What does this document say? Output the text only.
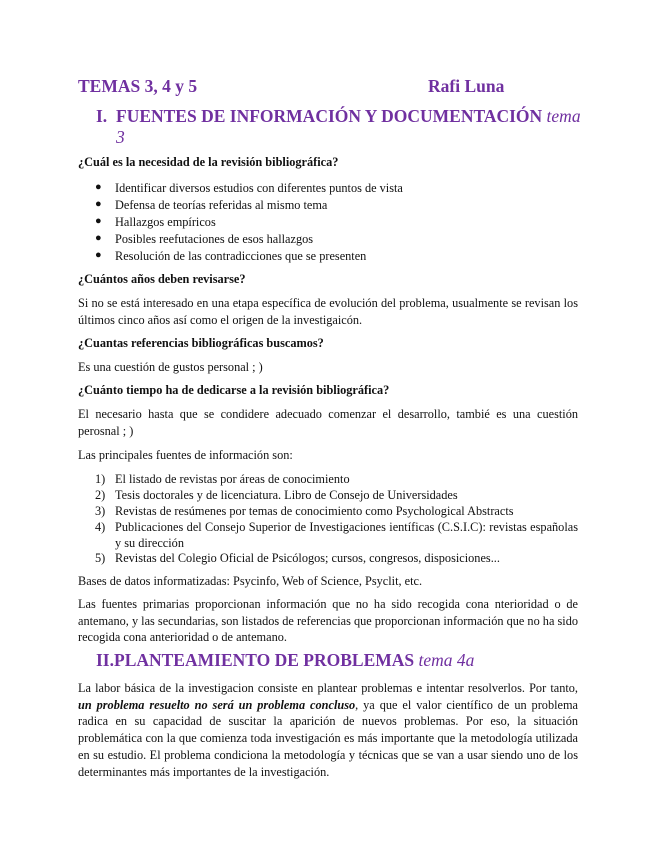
TEMAS 3, 4 y 5	Rafi Luna
I. FUENTES DE INFORMACIÓN Y DOCUMENTACIÓN tema
3
¿Cuál es la necesidad de la revisión bibliográfica?
● Identificar diversos estudios con diferentes puntos de vista
● Defensa de teorías referidas al mismo tema
● Hallazgos empíricos
● Posibles reefutaciones de esos hallazgos
● Resolución de las contradicciones que se presenten
¿Cuántos años deben revisarse?
Si no se está interesado en una etapa específica de evolución del problema, usualmente se revisan los últimos cinco años así como el origen de la investigaicón.
¿Cuantas referencias bibliográficas buscamos?
Es una cuestión de gustos personal ; )
¿Cuánto tiempo ha de dedicarse a la revisión bibliográfica?
El necesario hasta que se condidere adecuado comenzar el desarrollo, tambié es una cuestión perosnal ; )
Las principales fuentes de información son:
1) El listado de revistas por áreas de conocimiento
2) Tesis doctorales y de licenciatura. Libro de Consejo de Universidades
3) Revistas de resúmenes por temas de conocimiento como Psychological Abstracts
4) Publicaciones del Consejo Superior de Investigaciones ientíficas (C.S.I.C): revistas españolas y su dirección
5) Revistas del Colegio Oficial de Psicólogos; cursos, congresos, disposiciones...
Bases de datos informatizadas: Psycinfo, Web of Science, Psyclit, etc.
Las fuentes primarias proporcionan información que no ha sido recogida cona nterioridad o de antemano, y las secundarias, son listados de referencias que proporcionan información que no ha sido recogida cona anterioridad o de antemano.
II.PLANTEAMIENTO DE PROBLEMAS tema 4a
La labor básica de la investigacion consiste en plantear problemas e intentar resolverlos. Por tanto, un problema resuelto no será un problema concluso, ya que el valor científico de un problema radica en su capacidad de suscitar la aparición de nuevos problemas. Por eso, la situación problemática con la que comienza toda investigación es más importante que la metodología utilizada en su estudio. El problema condiciona la metodología y técnicas que se van a usar siendo uno de los determinantes más importantes de la investigación.
